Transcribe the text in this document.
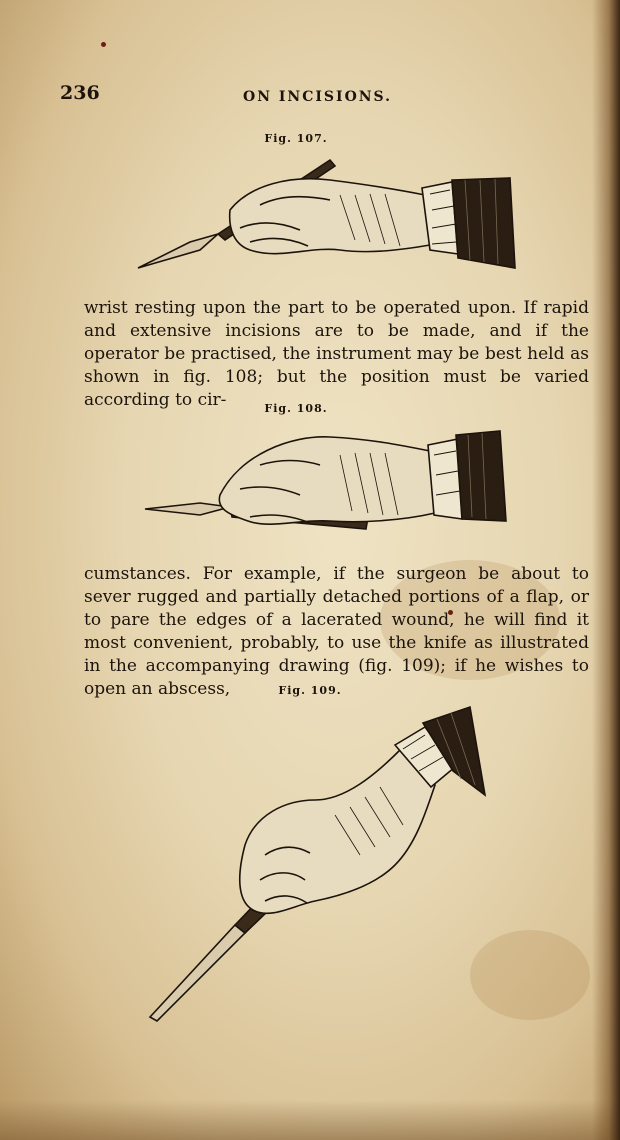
236	ON INCISIONS.
Fig. 107.

wrist resting upon the part to be operated upon. If rapid and extensive incisions are to be made, and if the operator be practised, the instrument may be best held as shown in fig. 108; but the position must be varied according to cir-	Fig. 108.

cumstances. For example, if the surgeon be about to sever rugged and partially detached portions of a flap, or to pare the edges of a lacerated wound, he will find it most convenient, probably, to use the knife as illustrated in the accompanying drawing (fig. 109); if he wishes to open an abscess,	Fig. 109.
